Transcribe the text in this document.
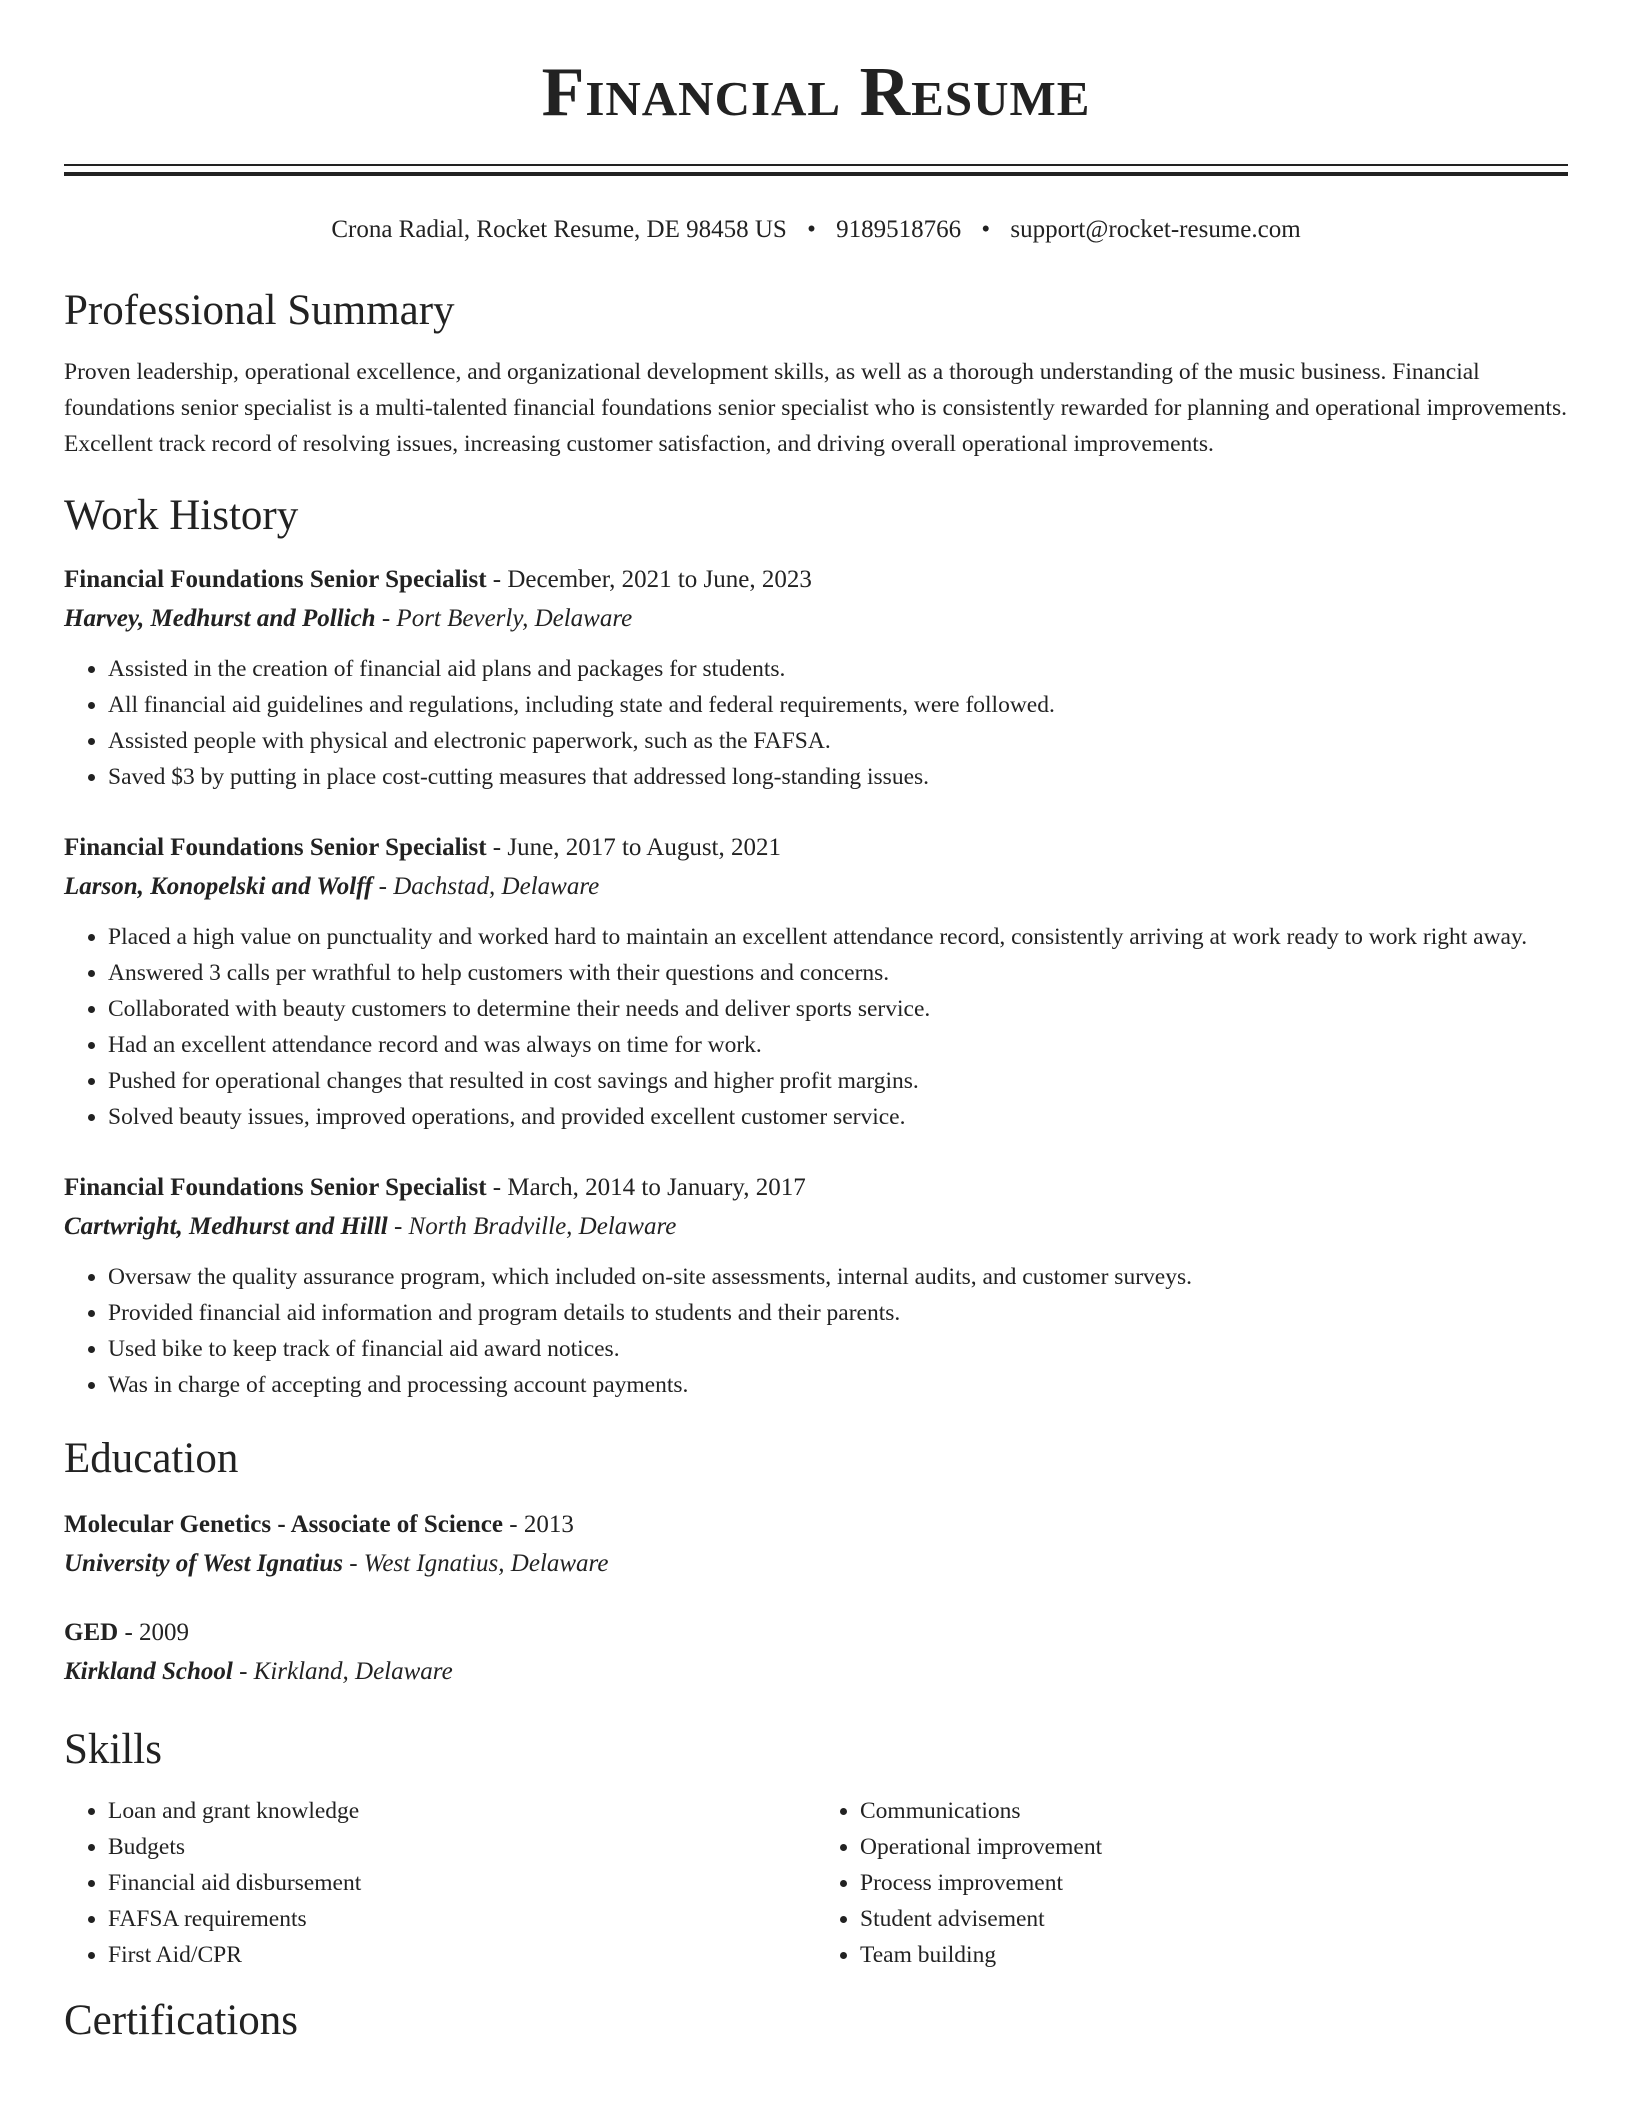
Financial Resume
Crona Radial, Rocket Resume, DE 98458 US • 9189518766 • support@rocket-resume.com
Professional Summary
Proven leadership, operational excellence, and organizational development skills, as well as a thorough understanding of the music business. Financial foundations senior specialist is a multi-talented financial foundations senior specialist who is consistently rewarded for planning and operational improvements. Excellent track record of resolving issues, increasing customer satisfaction, and driving overall operational improvements.
Work History
Financial Foundations Senior Specialist - December, 2021 to June, 2023
Harvey, Medhurst and Pollich - Port Beverly, Delaware
• Assisted in the creation of financial aid plans and packages for students.
• All financial aid guidelines and regulations, including state and federal requirements, were followed.
• Assisted people with physical and electronic paperwork, such as the FAFSA.
• Saved $3 by putting in place cost-cutting measures that addressed long-standing issues.
Financial Foundations Senior Specialist - June, 2017 to August, 2021
Larson, Konopelski and Wolff - Dachstad, Delaware
• Placed a high value on punctuality and worked hard to maintain an excellent attendance record, consistently arriving at work ready to work right away.
• Answered 3 calls per wrathful to help customers with their questions and concerns.
• Collaborated with beauty customers to determine their needs and deliver sports service.
• Had an excellent attendance record and was always on time for work.
• Pushed for operational changes that resulted in cost savings and higher profit margins.
• Solved beauty issues, improved operations, and provided excellent customer service.
Financial Foundations Senior Specialist - March, 2014 to January, 2017
Cartwright, Medhurst and Hilll - North Bradville, Delaware
• Oversaw the quality assurance program, which included on-site assessments, internal audits, and customer surveys.
• Provided financial aid information and program details to students and their parents.
• Used bike to keep track of financial aid award notices.
• Was in charge of accepting and processing account payments.
Education
Molecular Genetics - Associate of Science - 2013
University of West Ignatius - West Ignatius, Delaware
GED - 2009
Kirkland School - Kirkland, Delaware
Skills
• Loan and grant knowledge
• Budgets
• Financial aid disbursement
• FAFSA requirements
• First Aid/CPR
• Communications
• Operational improvement
• Process improvement
• Student advisement
• Team building
Certifications
